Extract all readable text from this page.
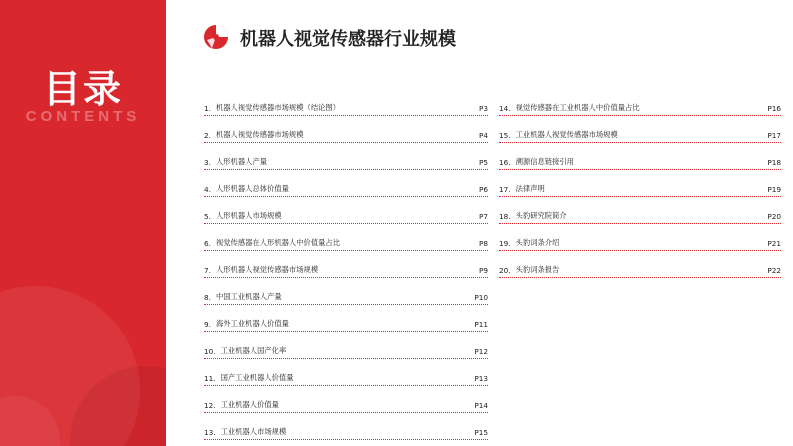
目录
CONTENTS
机器人视觉传感器行业规模
1. 机器人视觉传感器市场规模（结论图）	P3
2. 机器人视觉传感器市场规模	P4
3. 人形机器人产量	P5
4. 人形机器人总体价值量	P6
5. 人形机器人市场规模	P7
6. 视觉传感器在人形机器人中价值量占比	P8
7. 人形机器人视觉传感器市场规模	P9
8. 中国工业机器人产量	P10
9. 海外工业机器人价值量	P11
10. 工业机器人国产化率	P12
11. 国产工业机器人价值量	P13
12. 工业机器人价值量	P14
13. 工业机器人市场规模	P15
14. 视觉传感器在工业机器人中价值量占比	P16
15. 工业机器人视觉传感器市场规模	P17
16. 溯源信息链接引用	P18
17. 法律声明	P19
18. 头豹研究院简介	P20
19. 头豹词条介绍	P21
20. 头豹词条报告	P22
